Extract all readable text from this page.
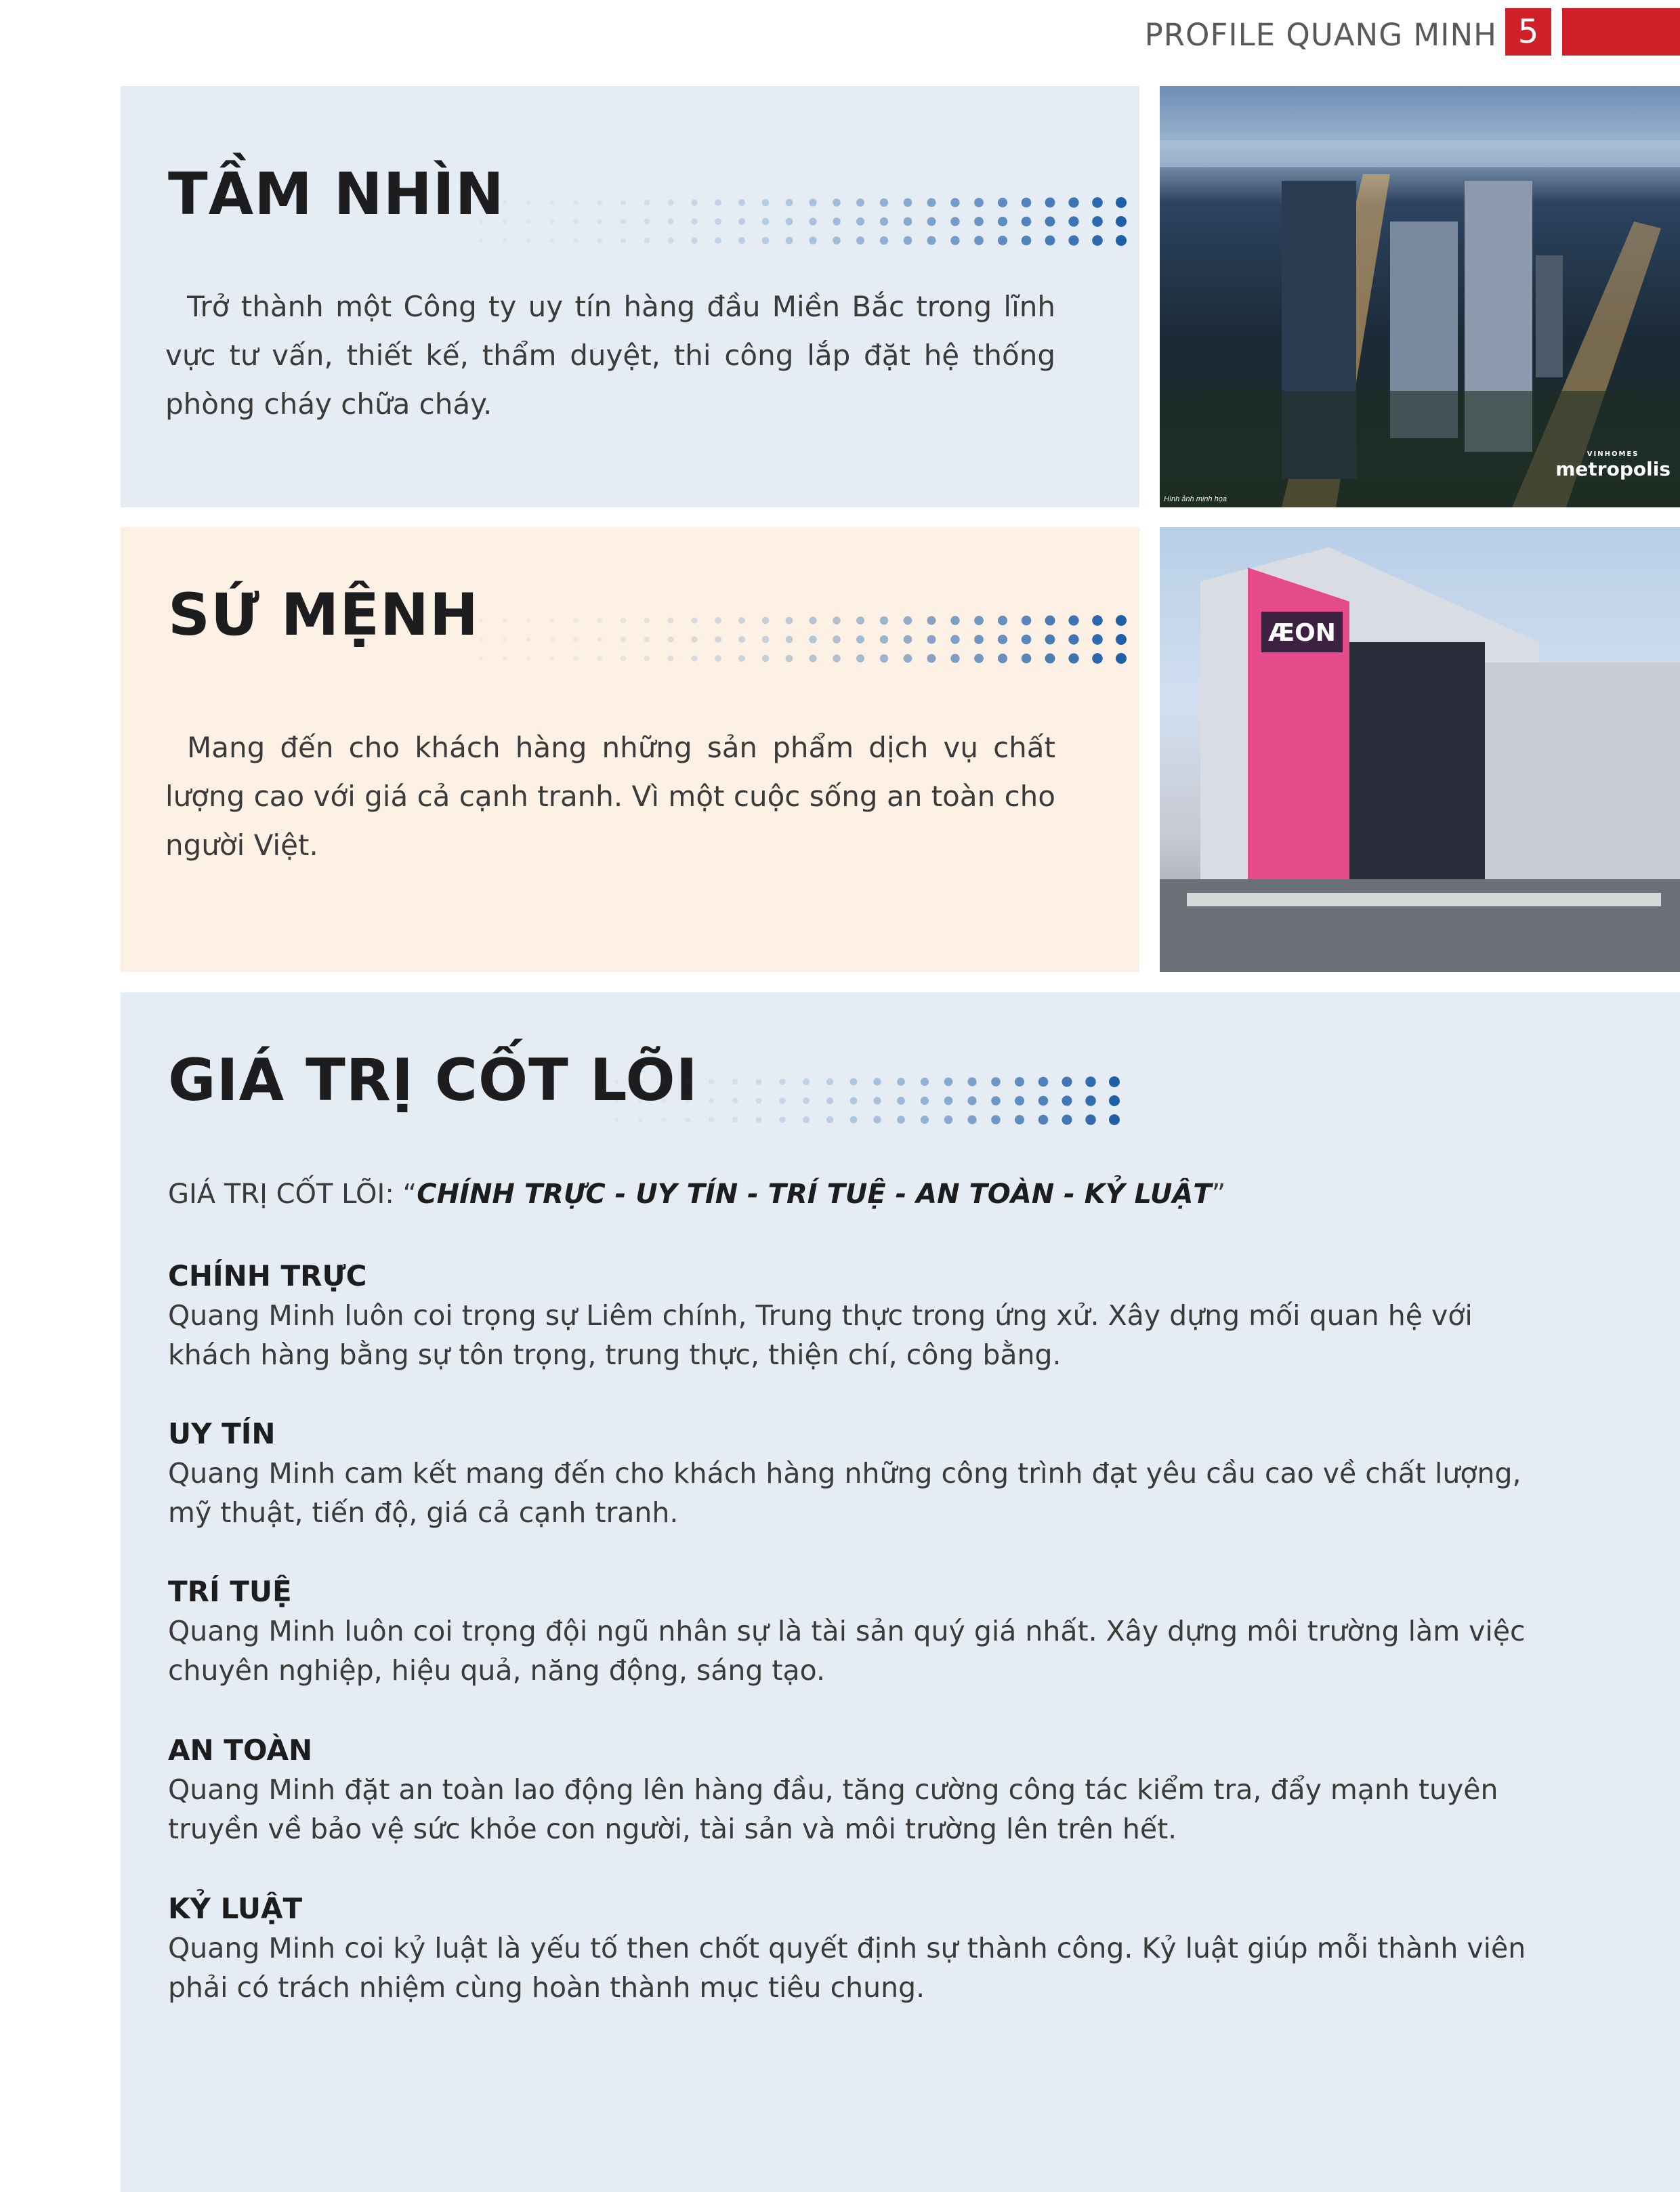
PROFILE QUANG MINH 5
TẦM NHÌN
Trở thành một Công ty uy tín hàng đầu Miền Bắc trong lĩnh vực tư vấn, thiết kế, thẩm duyệt, thi công lắp đặt hệ thống phòng cháy chữa cháy.
VINHOMES
metropolis
Hình ảnh minh họa
SỨ MỆNH
Mang đến cho khách hàng những sản phẩm dịch vụ chất lượng cao với giá cả cạnh tranh. Vì một cuộc sống an toàn cho người Việt.
ÆON
GIÁ TRỊ CỐT LÕI
GIÁ TRỊ CỐT LÕI: “CHÍNH TRỰC - UY TÍN - TRÍ TUỆ - AN TOÀN - KỶ LUẬT”
CHÍNH TRỰC
Quang Minh luôn coi trọng sự Liêm chính, Trung thực trong ứng xử. Xây dựng mối quan hệ với khách hàng bằng sự tôn trọng, trung thực, thiện chí, công bằng.
UY TÍN
Quang Minh cam kết mang đến cho khách hàng những công trình đạt yêu cầu cao về chất lượng, mỹ thuật, tiến độ, giá cả cạnh tranh.
TRÍ TUỆ
Quang Minh luôn coi trọng đội ngũ nhân sự là tài sản quý giá nhất. Xây dựng môi trường làm việc chuyên nghiệp, hiệu quả, năng động, sáng tạo.
AN TOÀN
Quang Minh đặt an toàn lao động lên hàng đầu, tăng cường công tác kiểm tra, đẩy mạnh tuyên truyền về bảo vệ sức khỏe con người, tài sản và môi trường lên trên hết.
KỶ LUẬT
Quang Minh coi kỷ luật là yếu tố then chốt quyết định sự thành công. Kỷ luật giúp mỗi thành viên phải có trách nhiệm cùng hoàn thành mục tiêu chung.
